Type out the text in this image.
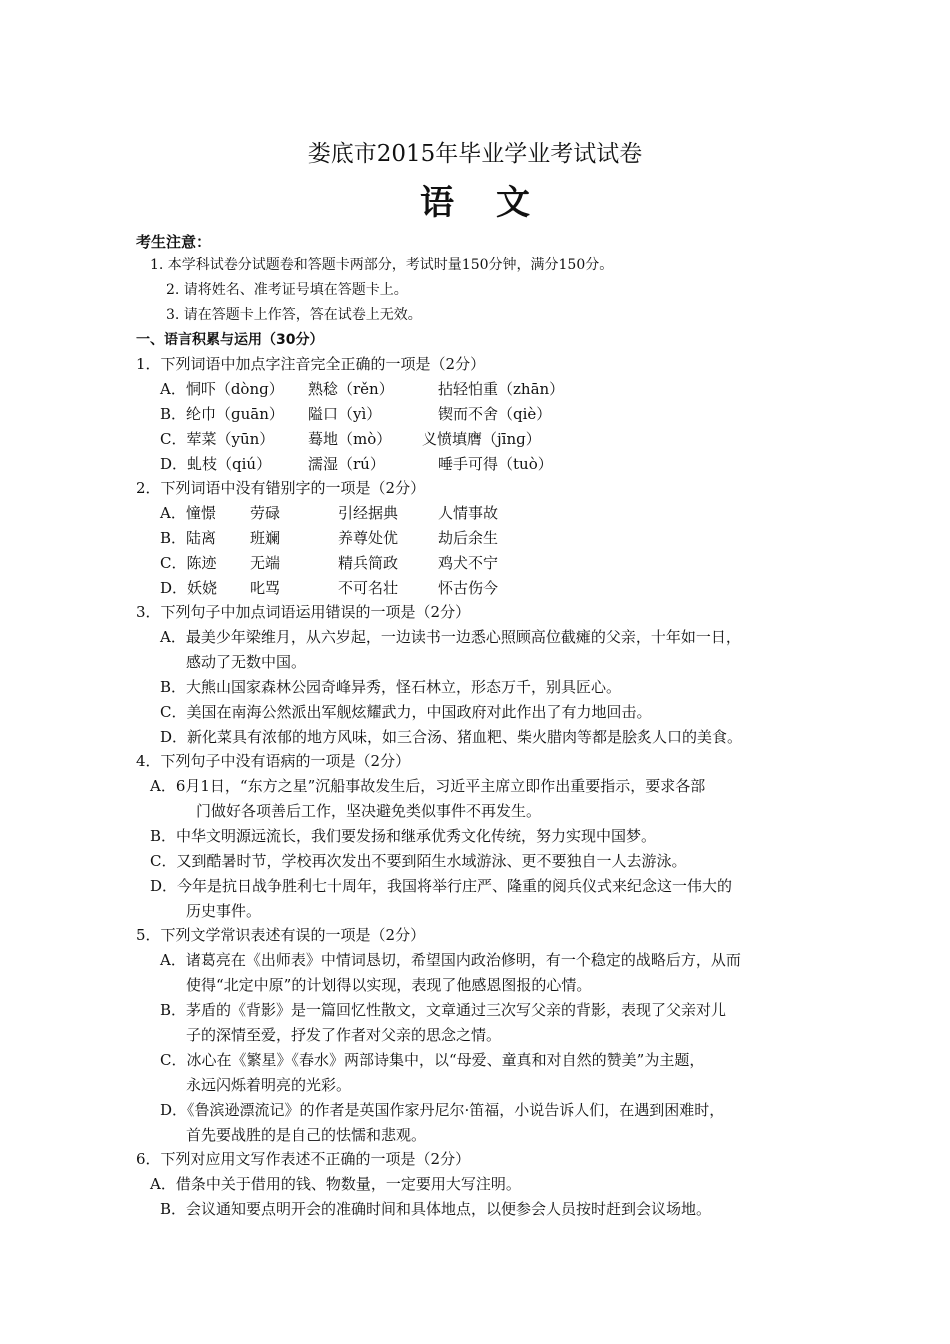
娄底市2015年毕业学业考试试卷
语文
考生注意：
1. 本学科试卷分试题卷和答题卡两部分，考试时量150分钟，满分150分。
2. 请将姓名、准考证号填在答题卡上。
3. 请在答题卡上作答，答在试卷上无效。
一、语言积累与运用（30分）
1．下列词语中加点字注音完全正确的一项是（2分）
A．恫吓（dònɡ） 熟稔（rěn）	拈轻怕重（zhān）
B．纶巾（ɡuān） 隘口（yì）	锲而不舍（qiè）
C．荤菜（yūn） 蓦地（mò） 义愤填膺（jīnɡ）
D．虬枝（qiú） 濡湿（rú）	唾手可得（tuò）
2．下列词语中没有错别字的一项是（2分）
A．憧憬 劳碌	引经据典	人情事故
B．陆离 班斓	养尊处优	劫后余生
C．陈迹 无端	精兵简政	鸡犬不宁
D．妖娆 叱骂	不可名壮	怀古伤今
3．下列句子中加点词语运用错误的一项是（2分）
A．最美少年梁维月，从六岁起，一边读书一边悉心照顾高位截瘫的父亲，十年如一日，
感动了无数中国。
B．大熊山国家森林公园奇峰异秀，怪石林立，形态万千，别具匠心。
C．美国在南海公然派出军舰炫耀武力，中国政府对此作出了有力地回击。
D．新化菜具有浓郁的地方风味，如三合汤、猪血粑、柴火腊肉等都是脍炙人口的美食。
4．下列句子中没有语病的一项是（2分）
A．6月1日，“东方之星”沉船事故发生后，习近平主席立即作出重要指示，要求各部
门做好各项善后工作，坚决避免类似事件不再发生。
B．中华文明源远流长，我们要发扬和继承优秀文化传统，努力实现中国梦。
C．又到酷暑时节，学校再次发出不要到陌生水域游泳、更不要独自一人去游泳。
D．今年是抗日战争胜利七十周年，我国将举行庄严、隆重的阅兵仪式来纪念这一伟大的
历史事件。
5．下列文学常识表述有误的一项是（2分）
A．诸葛亮在《出师表》中情词恳切，希望国内政治修明，有一个稳定的战略后方，从而
使得“北定中原”的计划得以实现，表现了他感恩图报的心情。
B．茅盾的《背影》是一篇回忆性散文，文章通过三次写父亲的背影，表现了父亲对儿
子的深情至爱，抒发了作者对父亲的思念之情。
C．冰心在《繁星》《春水》两部诗集中，以“母爱、童真和对自然的赞美”为主题，
永远闪烁着明亮的光彩。
D．《鲁滨逊漂流记》的作者是英国作家丹尼尔·笛福，小说告诉人们，在遇到困难时，
首先要战胜的是自己的怯懦和悲观。
6．下列对应用文写作表述不正确的一项是（2分）
A．借条中关于借用的钱、物数量，一定要用大写注明。
B．会议通知要点明开会的准确时间和具体地点，以便参会人员按时赶到会议场地。
